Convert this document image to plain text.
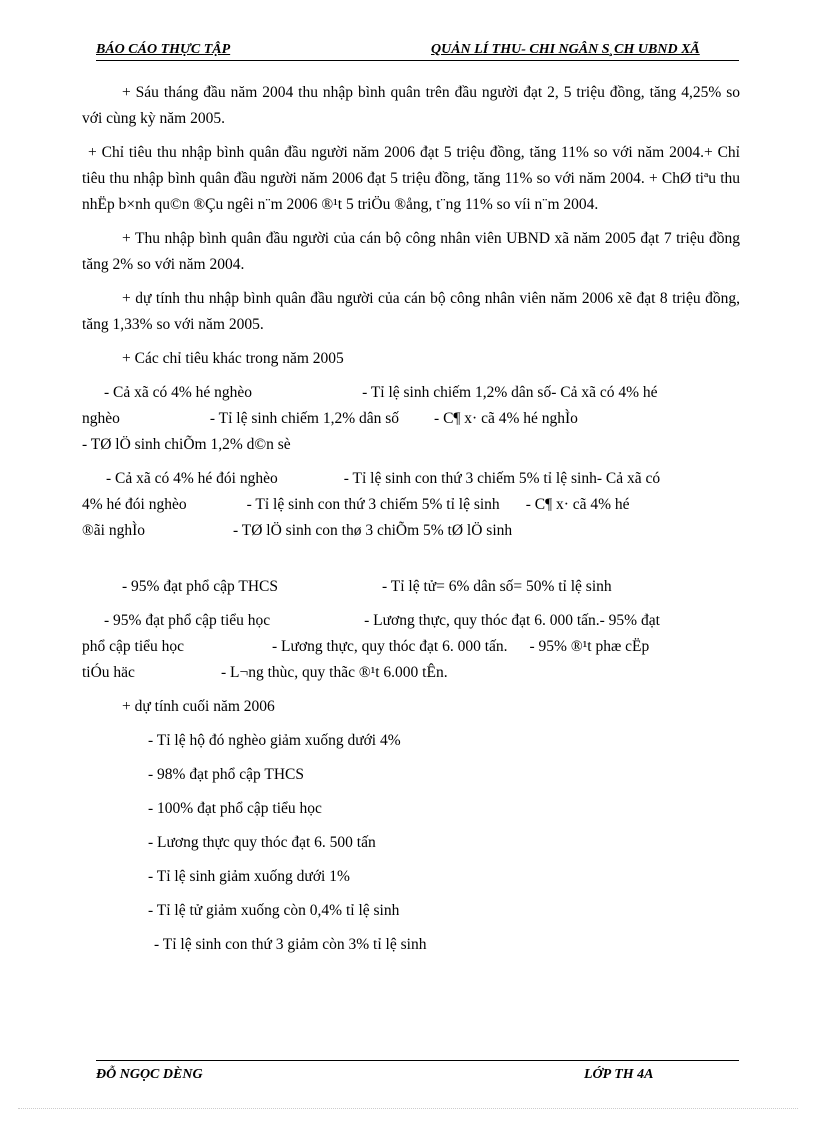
BÁO CÁO THỰC TẬP	QUẢN LÍ THU- CHI NGÂN S¸CH UBND XÃ

+ Sáu tháng đầu năm 2004 thu nhập bình quân trên đầu người đạt 2, 5 triệu đồng, tăng 4,25% so với cùng kỳ năm 2005.

+ Chỉ tiêu thu nhập bình quân đầu người năm 2006 đạt 5 triệu đồng, tăng 11% so với năm 2004.+ Chỉ tiêu thu nhập bình quân đầu người năm 2006 đạt 5 triệu đồng, tăng 11% so với năm 2004. + ChØ tiªu thu nhËp b×nh qu©n ®Çu ngêi n¨m 2006 ®¹t 5 triÖu ®ång, t¨ng 11% so víi n¨m 2004.

+ Thu nhập bình quân đầu người của cán bộ công nhân viên UBND xã năm 2005 đạt 7 triệu đồng tăng 2% so với năm 2004.

+ dự tính thu nhập bình quân đầu người của cán bộ công nhân viên năm 2006 xẽ đạt 8 triệu đồng, tăng 1,33% so với năm 2005.

+ Các chỉ tiêu khác trong năm 2005

- Cả xã có 4% hé nghèo	- Tỉ lệ sinh chiếm 1,2% dân số- Cả xã có 4% hé
nghèo	- Tỉ lệ sinh chiếm 1,2% dân số - C¶ x· cã 4% hé nghÌo
- TØ lÖ sinh chiÕm 1,2% d©n sè

- Cả xã có 4% hé đói nghèo	- Tỉ lệ sinh con thứ 3 chiếm 5% tỉ lệ sinh- Cả xã có
4% hé đói nghèo	- Tỉ lệ sinh con thứ 3 chiếm 5% tỉ lệ sinh - C¶ x· cã 4% hé
®ãi nghÌo	- TØ lÖ sinh con thø 3 chiÕm 5% tØ lÖ sinh

- 95% đạt phổ cập THCS	- Tỉ lệ tử= 6% dân số= 50% tỉ lệ sinh

- 95% đạt phổ cập tiểu học	- Lương thực, quy thóc đạt 6. 000 tấn.- 95% đạt
phổ cập tiểu học	- Lương thực, quy thóc đạt 6. 000 tấn. - 95% ®¹t phæ cËp
tiÓu häc	- L¬ng thùc, quy thãc ®¹t 6.000 tÊn.

+ dự tính cuối năm 2006

- Tỉ lệ hộ đó nghèo giảm xuống dưới 4%
- 98% đạt phổ cập THCS
- 100% đạt phổ cập tiểu học
- Lương thực quy thóc đạt 6. 500 tấn
- Tỉ lệ sinh giảm xuống dưới 1%
- Tỉ lệ tử giảm xuống còn 0,4% tỉ lệ sinh
- Tỉ lệ sinh con thứ 3 giảm còn 3% tỉ lệ sinh
ĐỖ NGỌC DÈNG	LỚP TH 4A
